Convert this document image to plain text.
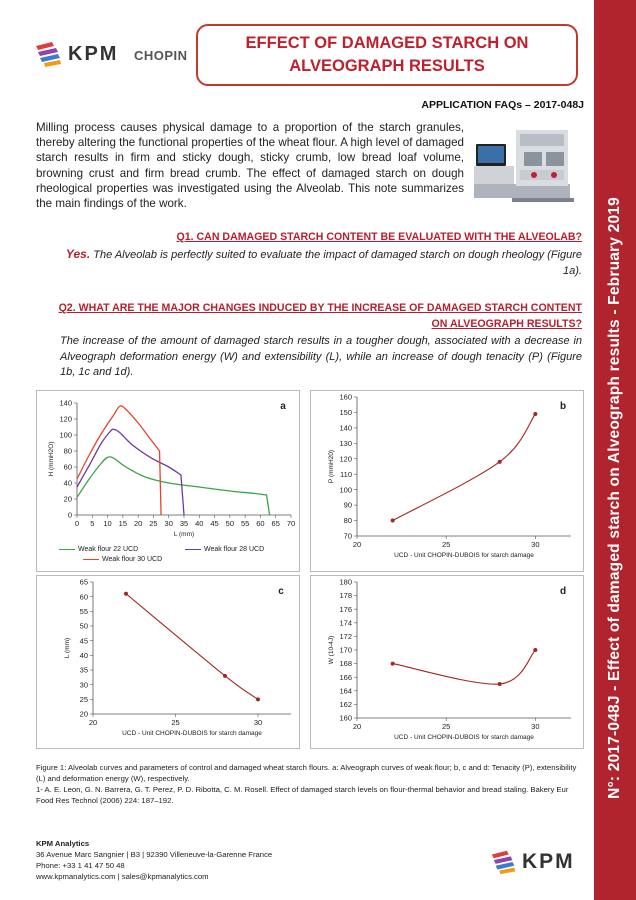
N°: 2017-048J - Effect of damaged starch on Alveograph results - February 2019
KPM CHOPIN
EFFECT OF DAMAGED STARCH ON ALVEOGRAPH RESULTS
APPLICATION FAQs – 2017-048J

Milling process causes physical damage to a proportion of the starch granules, thereby altering the functional properties of the wheat flour. A high level of damaged starch results in firm and sticky dough, sticky crumb, low bread loaf volume, browning crust and firm bread crumb. The effect of damaged starch on dough rheological properties was investigated using the Alveolab. This note summarizes the main findings of the work.

Q1. CAN DAMAGED STARCH CONTENT BE EVALUATED WITH THE ALVEOLAB?

Yes. The Alveolab is perfectly suited to evaluate the impact of damaged starch on dough rheology (Figure 1a).

Q2. WHAT ARE THE MAJOR CHANGES INDUCED BY THE INCREASE OF DAMAGED STARCH CONTENT ON ALVEOGRAPH RESULTS?

The increase of the amount of damaged starch results in a tougher dough, associated with a decrease in Alveograph deformation energy (W) and extensibility (L), while an increase of dough tenacity (P) (Figure 1b, 1c and 1d).

0
20
40
60
80
100
120
140
0 5 10 15 20 25 30 35 40 45 50 55 60 65 70
L (mm)
H (mmH2O)
a
Weak flour 22 UCD	Weak flour 28 UCD
Weak flour 30 UCD
70
80
90
100
110
120
130
140
150
160
20	25	30
UCD - Unit CHOPIN-DUBOIS for starch damage
P (mmH20)
b
20
25
30
35
40
45
50
55
60
65
20	25	30
UCD - Unit CHOPIN-DUBOIS for starch damage
L (mm)
c
160
162
164
166
168
170
172
174
176
178
180
20	25	30
UCD - Unit CHOPIN-DUBOIS for starch damage
W (10-4J)
d
Figure 1: Alveolab curves and parameters of control and damaged wheat starch flours. a: Alveograph curves of weak flour; b, c and d: Tenacity (P), extensibility (L) and deformation energy (W), respectively.
1- A. E. Leon, G. N. Barrera, G. T. Perez, P. D. Ribotta, C. M. Rosell. Effect of damaged starch levels on flour-thermal behavior and bread staling. Bakery Eur Food Res Technol (2006) 224: 187–192.
KPM Analytics
36 Avenue Marc Sangnier | B3 | 92390 Villeneuve-la-Garenne France
Phone: +33 1 41 47 50 48
www.kpmanalytics.com | sales@kpmanalytics.com
KPM
